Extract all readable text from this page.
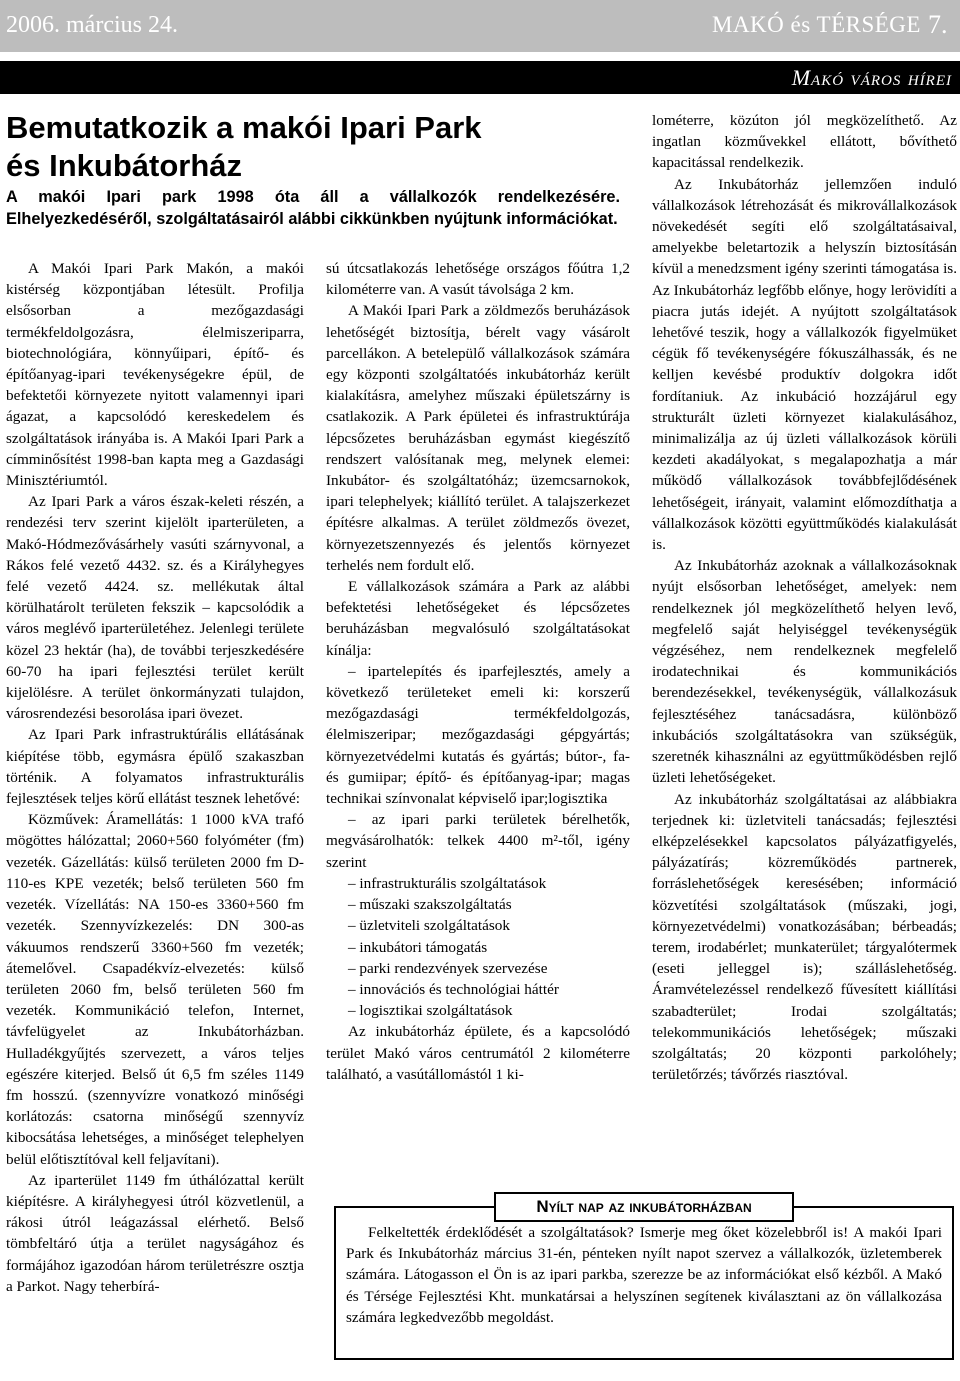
2006. március 24.	MAKÓ és TÉRSÉGE 7.
Makó város hírei
Bemutatkozik a makói Ipari Park
és Inkubátorház

A makói Ipari park 1998 óta áll a vállalkozók rendelkezésére. Elhelyezkedéséről, szolgáltatásairól alábbi cikkünkben nyújtunk információkat.

A Makói Ipari Park Makón, a makói kistérség központjában létesült. Profilja elsősorban a mezőgazdasági termékfeldolgozásra, élelmiszeriparra, biotechnológiára, könnyűipari, építő- és építőanyag-ipari tevékenységekre épül, de befektetői környezete nyitott valamennyi ipari ágazat, a kapcsolódó kereskedelem és szolgáltatások irányába is. A Makói Ipari Park a címminősítést 1998-ban kapta meg a Gazdasági Minisztériumtól.

Az Ipari Park a város észak-keleti részén, a rendezési terv szerint kijelölt iparterületen, a Makó-Hódmezővásárhely vasúti szárnyvonal, a Rákos felé vezető 4432. sz. és a Királyhegyes felé vezető 4424. sz. mellékutak által körülhatárolt területen fekszik – kapcsolódik a város meglévő iparterületéhez. Jelenlegi területe közel 23 hektár (ha), de további terjeszkedésére 60-70 ha ipari fejlesztési terület került kijelölésre. A terület önkormányzati tulajdon, városrendezési besorolása ipari övezet.

Az Ipari Park infrastruktúrális ellátásának kiépítése több, egymásra épülő szakaszban történik. A folyamatos infrastrukturális fejlesztések teljes körű ellátást tesznek lehetővé:

Közművek: Áramellátás: 1 1000 kVA trafó mögöttes hálózattal; 2060+560 folyóméter (fm) vezeték. Gázellátás: külső területen 2000 fm D-110-es KPE vezeték; belső területen 560 fm vezeték. Vízellátás: NA 150-es 3360+560 fm vezeték. Szennyvízkezelés: DN 300-as vákuumos rendszerű 3360+560 fm vezeték; átemelővel. Csapadékvíz-elvezetés: külső területen 2060 fm, belső területen 560 fm vezeték. Kommunikáció telefon, Internet, távfelügyelet az Inkubátorházban. Hulladékgyűjtés szervezett, a város teljes egészére kiterjed. Belső út 6,5 fm széles 1149 fm hosszú. (szennyvízre vonatkozó minőségi korlátozás: csatorna minőségű szennyvíz kibocsátása lehetséges, a minőséget telephelyen belül előtisztítóval kell feljavítani).

Az iparterület 1149 fm úthálózattal került kiépítésre. A királyhegyesi útról közvetlenül, a rákosi útról leágazással elérhető. Belső tömbfeltáró útja a terület nagyságához és formájához igazodóan három területrészre osztja a Parkot. Nagy teherbírá-

sú útcsatlakozás lehetősége országos főútra 1,2 kilométerre van. A vasút távolsága 2 km.

A Makói Ipari Park a zöldmezős beruházások lehetőségét biztosítja, bérelt vagy vásárolt parcellákon. A betelepülő vállalkozások számára egy központi szolgáltatóés inkubátorház került kialakításra, amelyhez műszaki épületszárny is csatlakozik. A Park épületei és infrastruktúrája lépcsőzetes beruházásban egymást kiegészítő rendszert valósítanak meg, melynek elemei: Inkubátor- és szolgáltatóház; üzemcsarnokok, ipari telephelyek; kiállító terület. A talajszerkezet építésre alkalmas. A terület zöldmezős övezet, környezetszennyezés és jelentős környezet terhelés nem fordult elő.

E vállalkozások számára a Park az alábbi befektetési lehetőségeket és lépcsőzetes beruházásban megvalósuló szolgáltatásokat kínálja:

– ipartelepítés és iparfejlesztés, amely a következő területeket emeli ki: korszerű mezőgazdasági termékfeldolgozás, élelmiszeripar; mezőgazdasági gépgyártás; környezetvédelmi kutatás és gyártás; bútor-, fa- és gumiipar; építő- és építőanyag-ipar; magas technikai színvonalat képviselő ipar;logisztika

– az ipari parki területek bérelhetők, megvásárolhatók: telkek 4400 m²-től, igény szerint

– infrastrukturális szolgáltatások
– műszaki szakszolgáltatás
– üzletviteli szolgáltatások
– inkubátori támogatás
– parki rendezvények szervezése
– innovációs és technológiai háttér
– logisztikai szolgáltatások

Az inkubátorház épülete, és a kapcsolódó terület Makó város centrumától 2 kilométerre található, a vasútállomástól 1 ki-

lométerre, közúton jól megközelíthető. Az ingatlan közművekkel ellátott, bővíthető kapacitással rendelkezik.

Az Inkubátorház jellemzően induló vállalkozások létrehozását és mikrovállalkozások növekedését segíti elő szolgáltatásaival, amelyekbe beletartozik a helyszín biztosításán kívül a menedzsment igény szerinti támogatása is. Az Inkubátorház legfőbb előnye, hogy lerövidíti a piacra jutás idejét. A nyújtott szolgáltatások lehetővé teszik, hogy a vállalkozók figyelmüket cégük fő tevékenységére fókuszálhassák, és ne kelljen kevésbé produktív dolgokra időt fordítaniuk. Az inkubáció hozzájárul egy strukturált üzleti környezet kialakulásához, minimalizálja az új üzleti vállalkozások körüli kezdeti akadályokat, s megalapozhatja a már működő vállalkozások továbbfejlődésének lehetőségeit, irányait, valamint előmozdíthatja a vállalkozások közötti együttműködés kialakulását is.

Az Inkubátorház azoknak a vállalkozásoknak nyújt elsősorban lehetőséget, amelyek: nem rendelkeznek jól megközelíthető helyen levő, megfelelő saját helyiséggel tevékenységük végzéséhez, nem rendelkeznek megfelelő irodatechnikai és kommunikációs berendezésekkel, tevékenységük, vállalkozásuk fejlesztéséhez tanácsadásra, különböző inkubációs szolgáltatásokra van szükségük, szeretnék kihasználni az együttműködésben rejlő üzleti lehetőségeket.

Az inkubátorház szolgáltatásai az alábbiakra terjednek ki: üzletviteli tanácsadás; fejlesztési elképzelésekkel kapcsolatos pályázatfigyelés, pályázatírás; közreműködés partnerek, forráslehetőségek keresésében; információ közvetítési szolgáltatások (műszaki, jogi, környezetvédelmi) vonatkozásában; bérbeadás; terem, irodabérlet; munkaterület; tárgyalótermek (eseti jelleggel is); szálláslehetőség. Áramvételezéssel rendelkező fűvesített kiállítási szabadterület; Irodai szolgáltatás; telekommunikációs lehetőségek; műszaki szolgáltatás; 20 központi parkolóhely; területőrzés; távőrzés riasztóval.

Nyílt nap az inkubátorházban

Felkeltették érdeklődését a szolgáltatások? Ismerje meg őket közelebbről is! A makói Ipari Park és Inkubátorház március 31-én, pénteken nyílt napot szervez a vállalkozók, üzletemberek számára. Látogasson el Ön is az ipari parkba, szerezze be az információkat első kézből. A Makó és Térsége Fejlesztési Kht. munkatársai a helyszínen segítenek kiválasztani az ön vállalkozása számára legkedvezőbb megoldást.
